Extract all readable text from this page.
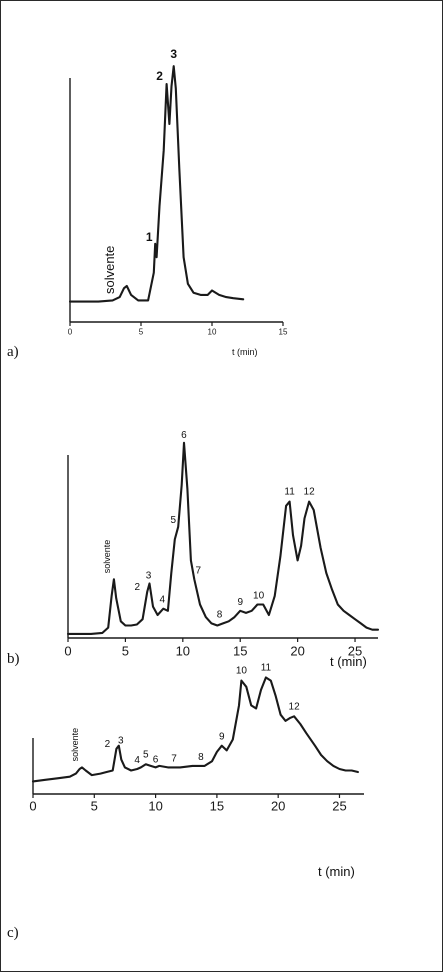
0	5	10	15
solvente
1
2
3
t (min)
a)
0	5	10	15	20	25
solvente
2
3
4
5
6
7
8
9
10
11 12
t (min)
b)
0	5	10	15	20	25
solvente 2 3
4
5 6 7 8
9
10 11
12
t (min)
c)
